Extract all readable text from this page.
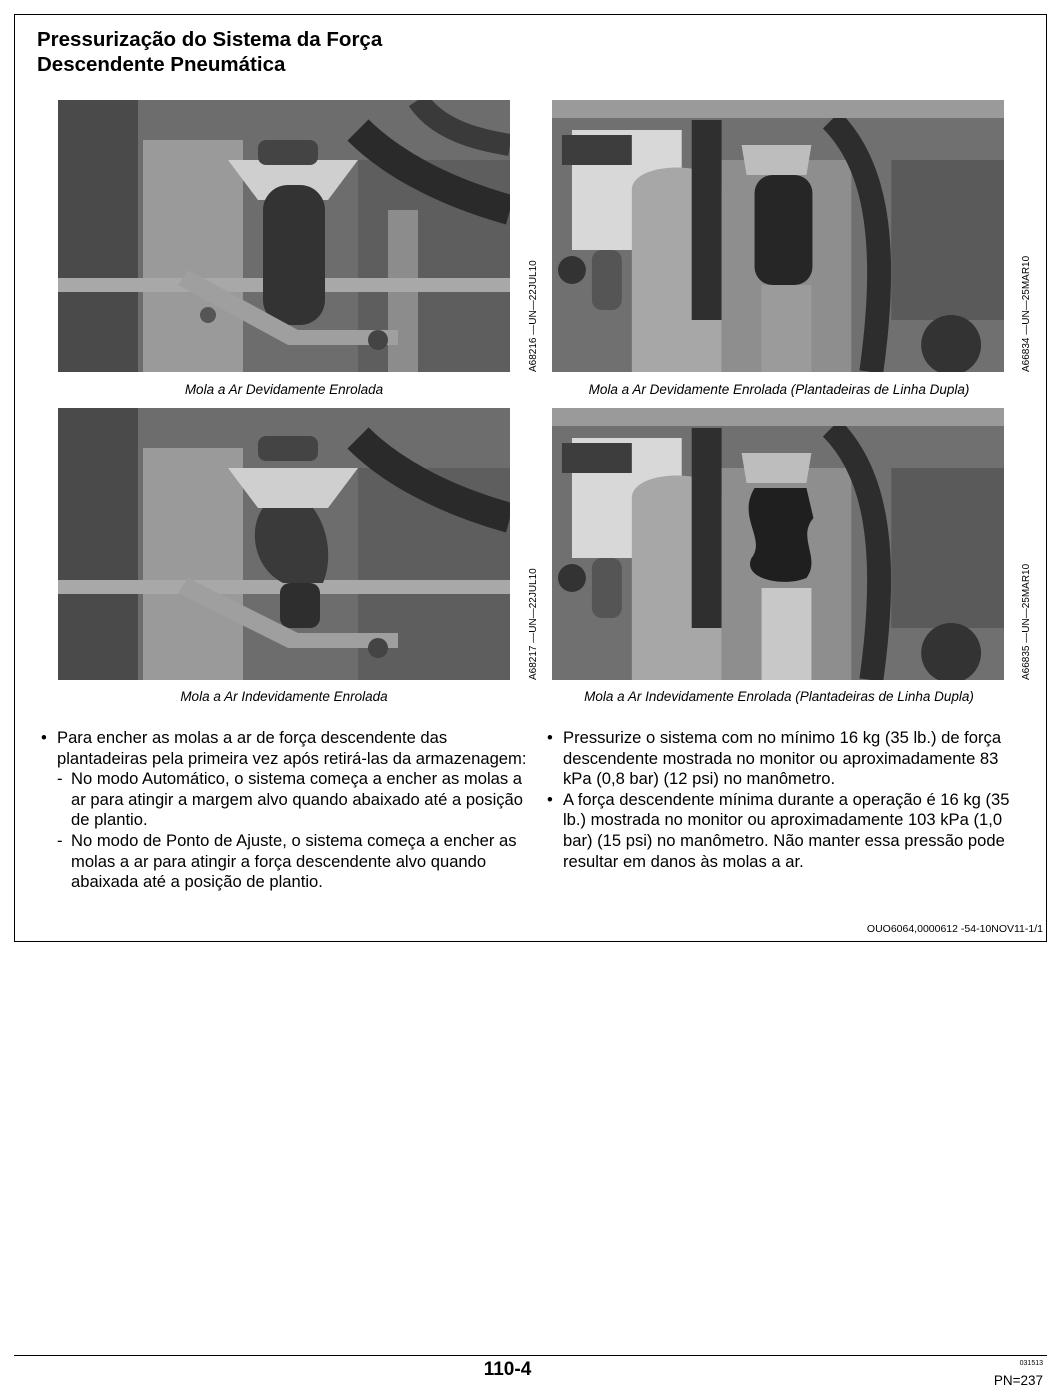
Pressurização do Sistema da Força
Descendente Pneumática
A68216 —UN—22JUL10
Mola a Ar Devidamente Enrolada
A66834 —UN—25MAR10
Mola a Ar Devidamente Enrolada (Plantadeiras de Linha Dupla)
A68217 —UN—22JUL10
Mola a Ar Indevidamente Enrolada
A66835 —UN—25MAR10
Mola a Ar Indevidamente Enrolada (Plantadeiras de Linha Dupla)

• Para encher as molas a ar de força descendente das plantadeiras pela primeira vez após retirá-las da armazenagem:

- No modo Automático, o sistema começa a encher as molas a ar para atingir a margem alvo quando abaixado até a posição de plantio.

- No modo de Ponto de Ajuste, o sistema começa a encher as molas a ar para atingir a força descendente alvo quando abaixada até a posição de plantio.

• Pressurize o sistema com no mínimo 16 kg (35 lb.) de força descendente mostrada no monitor ou aproximadamente 83 kPa (0,8 bar) (12 psi) no manômetro.

• A força descendente mínima durante a operação é 16 kg (35 lb.) mostrada no monitor ou aproximadamente 103 kPa (1,0 bar) (15 psi) no manômetro. Não manter essa pressão pode resultar em danos às molas a ar.

OUO6064,0000612 -54-10NOV11-1/1
110-4	031513
PN=237
